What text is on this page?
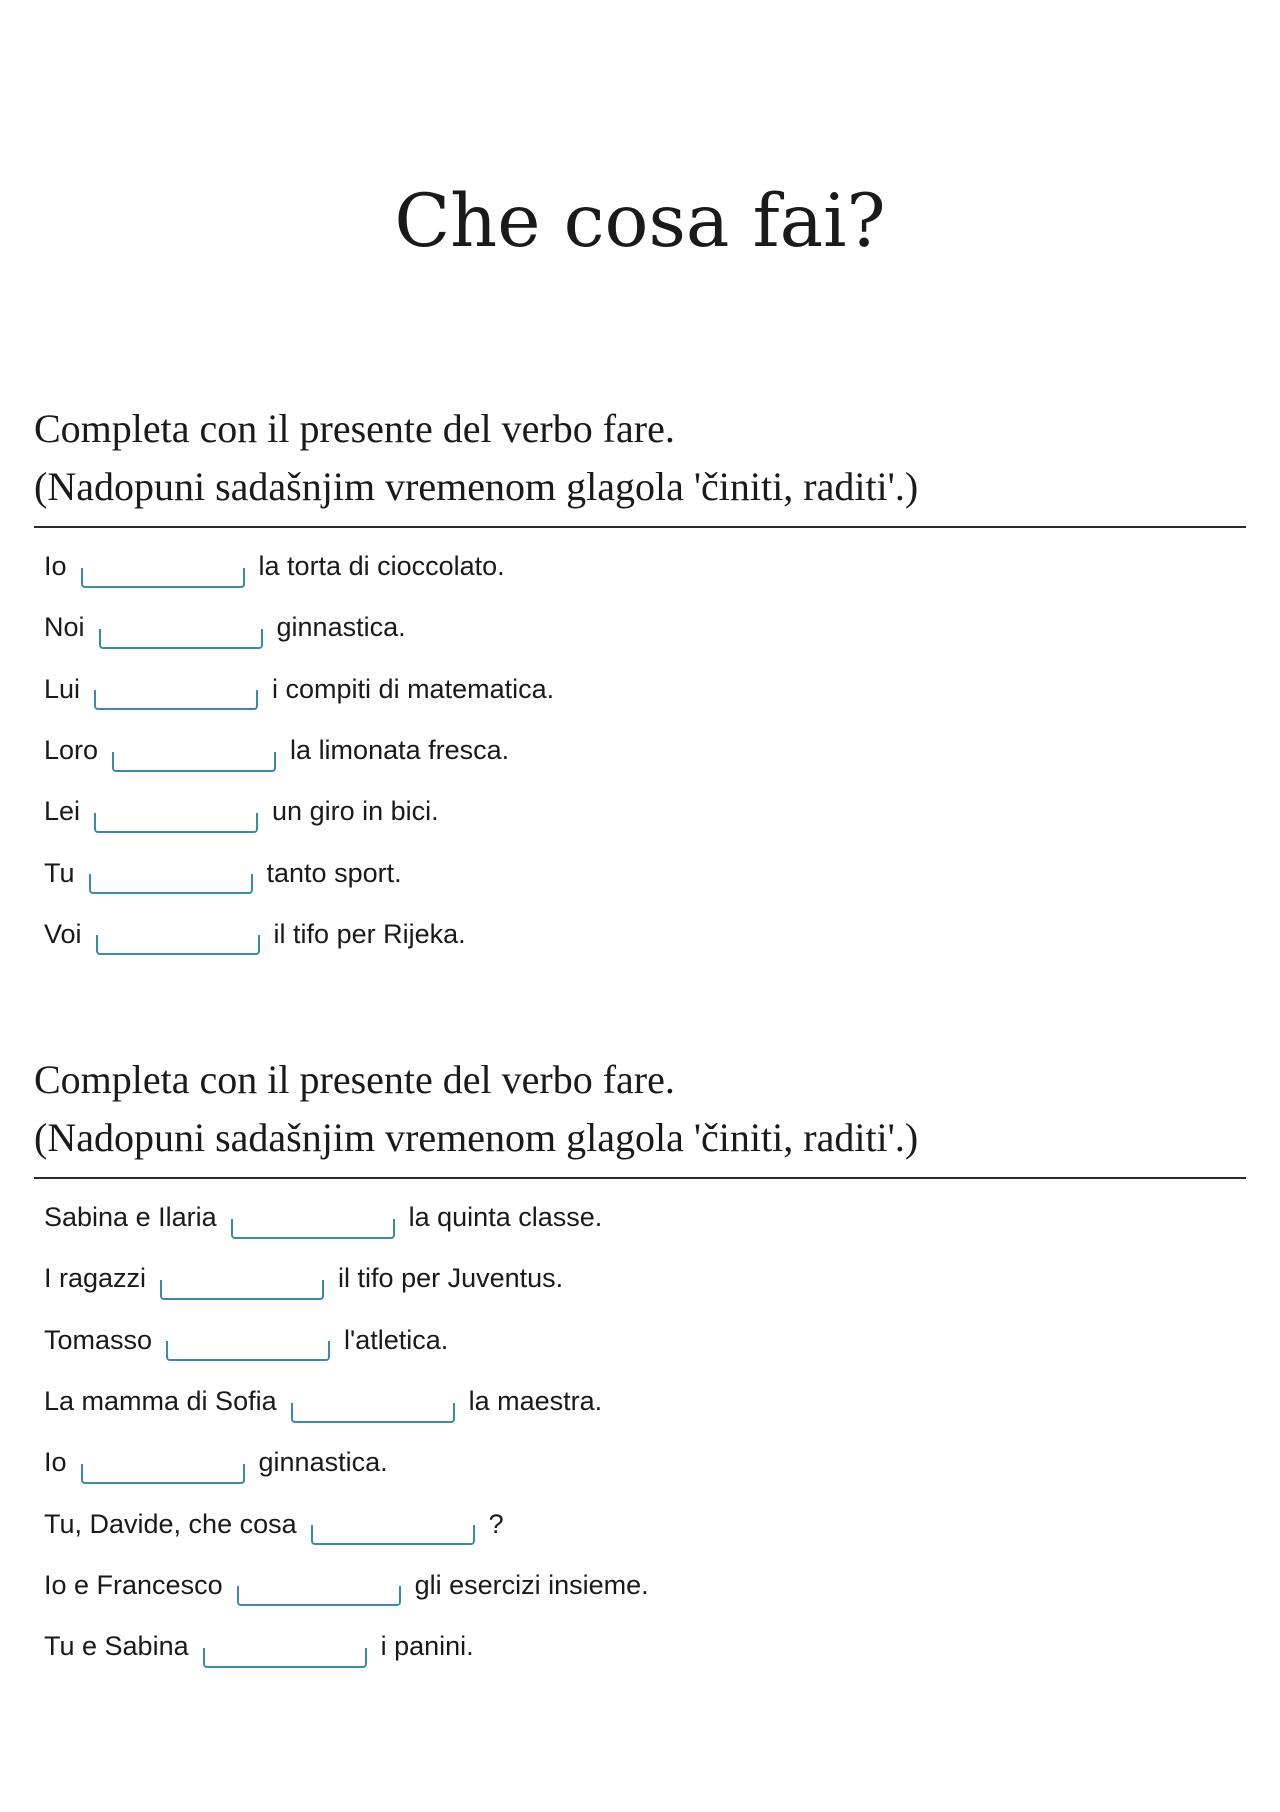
Che cosa fai?

Completa con il presente del verbo fare.

(Nadopuni sadašnjim vremenom glagola 'činiti, raditi'.)

Io	la torta di cioccolato.
Noi	ginnastica.
Lui	i compiti di matematica.
Loro	la limonata fresca.
Lei	un giro in bici.
Tu	tanto sport.
Voi	il tifo per Rijeka.

Completa con il presente del verbo fare.

(Nadopuni sadašnjim vremenom glagola 'činiti, raditi'.)

Sabina e Ilaria	la quinta classe.
I ragazzi	il tifo per Juventus.
Tomasso	l'atletica.
La mamma di Sofia	la maestra.
Io	ginnastica.
Tu, Davide, che cosa	?
Io e Francesco	gli esercizi insieme.
Tu e Sabina	i panini.
